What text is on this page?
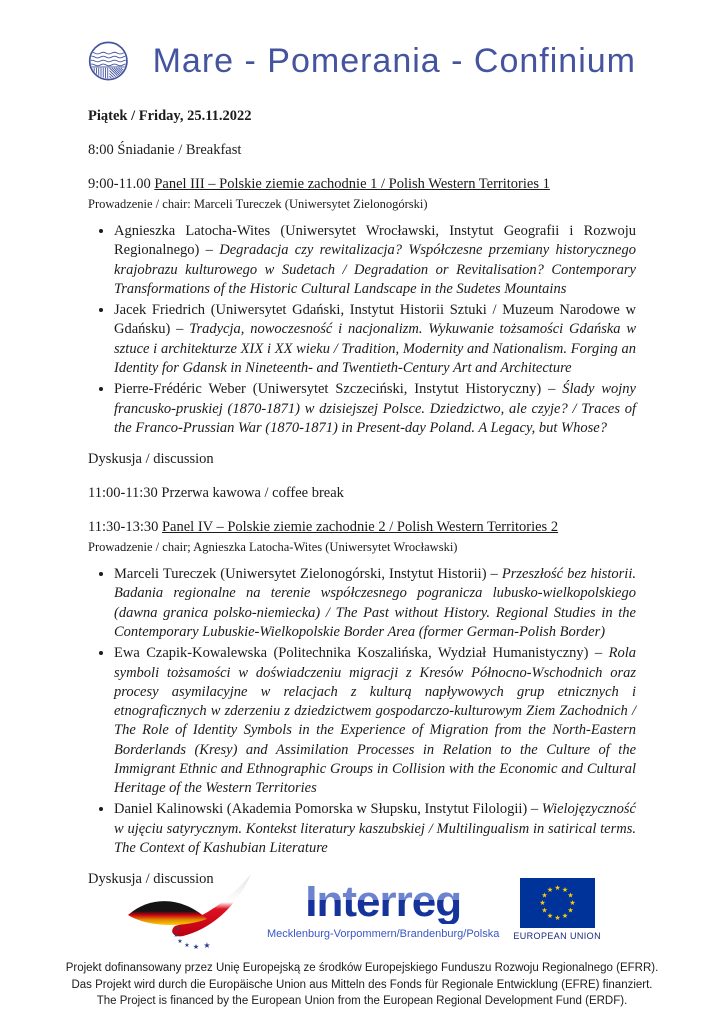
Mare - Pomerania - Confinium

Piątek / Friday, 25.11.2022

8:00 Śniadanie / Breakfast

9:00-11.00 Panel III – Polskie ziemie zachodnie 1 / Polish Western Territories 1

Prowadzenie / chair: Marceli Tureczek (Uniwersytet Zielonogórski)

• Agnieszka Latocha-Wites (Uniwersytet Wrocławski, Instytut Geografii i Rozwoju Regionalnego) – Degradacja czy rewitalizacja? Współczesne przemiany historycznego krajobrazu kulturowego w Sudetach / Degradation or Revitalisation? Contemporary Transformations of the Historic Cultural Landscape in the Sudetes Mountains
• Jacek Friedrich (Uniwersytet Gdański, Instytut Historii Sztuki / Muzeum Narodowe w Gdańsku) – Tradycja, nowoczesność i nacjonalizm. Wykuwanie tożsamości Gdańska w sztuce i architekturze XIX i XX wieku / Tradition, Modernity and Nationalism. Forging an Identity for Gdansk in Nineteenth- and Twentieth-Century Art and Architecture
• Pierre-Frédéric Weber (Uniwersytet Szczeciński, Instytut Historyczny) – Ślady wojny francusko-pruskiej (1870-1871) w dzisiejszej Polsce. Dziedzictwo, ale czyje? / Traces of the Franco-Prussian War (1870-1871) in Present-day Poland. A Legacy, but Whose?

Dyskusja / discussion

11:00-11:30 Przerwa kawowa / coffee break

11:30-13:30 Panel IV – Polskie ziemie zachodnie 2 / Polish Western Territories 2

Prowadzenie / chair; Agnieszka Latocha-Wites (Uniwersytet Wrocławski)

• Marceli Tureczek (Uniwersytet Zielonogórski, Instytut Historii) – Przeszłość bez historii. Badania regionalne na terenie współczesnego pogranicza lubusko-wielkopolskiego (dawna granica polsko-niemiecka) / The Past without History. Regional Studies in the Contemporary Lubuskie-Wielkopolskie Border Area (former German-Polish Border)
• Ewa Czapik-Kowalewska (Politechnika Koszalińska, Wydział Humanistyczny) – Rola symboli tożsamości w doświadczeniu migracji z Kresów Północno-Wschodnich oraz procesy asymilacyjne w relacjach z kulturą napływowych grup etnicznych i etnograficznych w zderzeniu z dziedzictwem gospodarczo-kulturowym Ziem Zachodnich / The Role of Identity Symbols in the Experience of Migration from the North-Eastern Borderlands (Kresy) and Assimilation Processes in Relation to the Culture of the Immigrant Ethnic and Ethnographic Groups in Collision with the Economic and Cultural Heritage of the Western Territories
• Daniel Kalinowski (Akademia Pomorska w Słupsku, Instytut Filologii) – Wielojęzyczność w ujęciu satyrycznym. Kontekst literatury kaszubskiej / Multilingualism in satirical terms. The Context of Kashubian Literature

Dyskusja / discussion

★
★
★
★ ★ ★
Interreg
Mecklenburg-Vorpommern/Brandenburg/Polska
★ ★
★
★
★
★
★
★
★
★
★
★
EUROPEAN UNION
Projekt dofinansowany przez Unię Europejską ze środków Europejskiego Funduszu Rozwoju Regionalnego (EFRR).
Das Projekt wird durch die Europäische Union aus Mitteln des Fonds für Regionale Entwicklung (EFRE) finanziert.
The Project is financed by the European Union from the European Regional Development Fund (ERDF).
